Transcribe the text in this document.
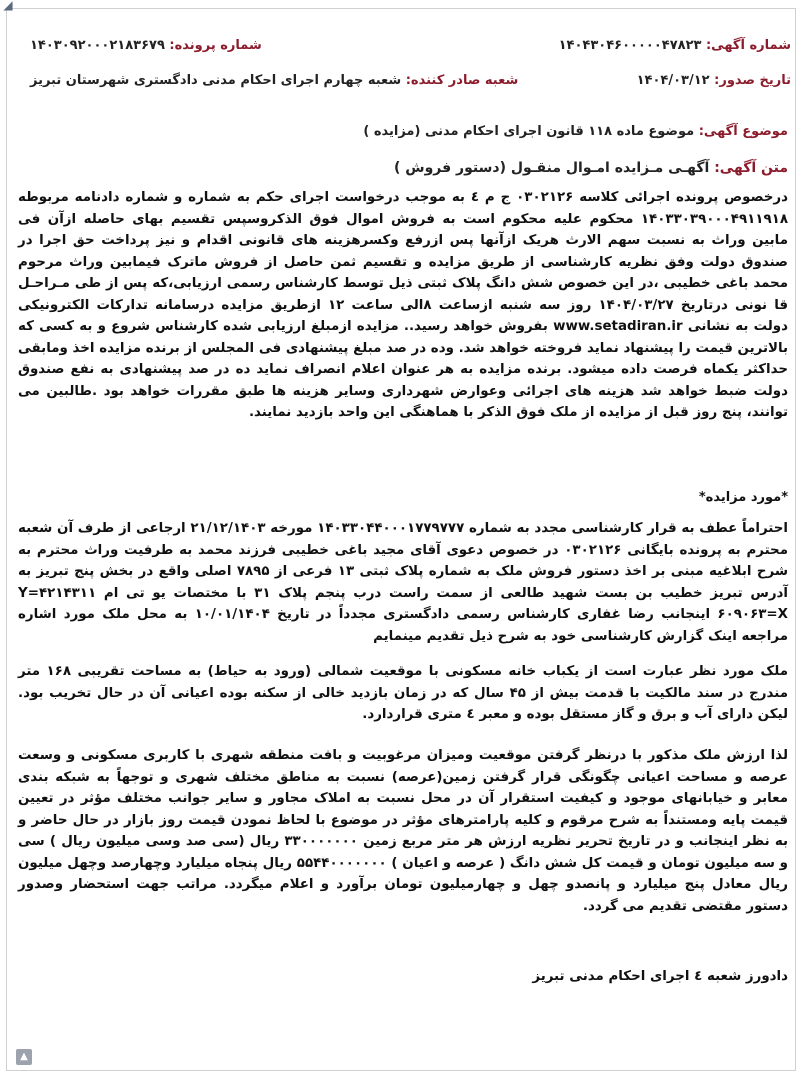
◢
شماره آگهی: ۱۴۰۴۳۰۴۶۰۰۰۰۰۴۷۸۲۳
شماره پرونده: ۱۴۰۳۰۹۲۰۰۰۲۱۸۳۶۷۹
تاریخ صدور: ۱۴۰۴/۰۳/۱۲
شعبه صادر کننده: شعبه چهارم اجرای احکام مدنی دادگستری شهرستان تبریز
موضوع آگهی: موضوع ماده ۱۱۸ قانون اجرای احکام مدنی (مزایده )
متن آگهی: آگهـی مـزایده امـوال منقـول (دستور فروش )
درخصوص پرونده اجرائی کلاسه ۰۳۰۲۱۲۶ ج م ٤ به موجب درخواست اجرای حکم به شماره و شماره دادنامه مربوطه ۱۴۰۳۳۰۳۹۰۰۰۴۹۱۱۹۱۸ محکوم علیه محکوم است به فروش اموال فوق الذکروسپس تقسیم بهای حاصله ازآن فی مابین وراث به نسبت سهم الارث هریک ازآنها پس ازرفع وکسرهزینه های قانونی اقدام و نیز پرداخت حق اجرا در صندوق دولت وفق نظریه کارشناسی از طریق مزایده و تقسیم ثمن حاصل از فروش ماترک فیمابین وراث مرحوم محمد باغی خطیبی ،در این خصوص شش دانگ پلاک ثبتی ذیل توسط کارشناس رسمی ارزیابی،که پس از طی مـراحـل قا نونی درتاریخ ۱۴۰۴/۰۳/۲۷ روز سه شنبه ازساعت ۸الی ساعت ۱۲ ازطریق مزایده درسامانه تدارکات الکترونیکی دولت به نشانی www.setadiran.ir بفروش خواهد رسید.. مزایده ازمبلغ ارزیابی شده کارشناس شروع و به کسی که بالاترین قیمت را پیشنهاد نماید فروخته خواهد شد. وده در صد مبلغ پیشنهادی فی المجلس از برنده مزایده اخذ ومابقی حداکثر یکماه فرصت داده میشود. برنده مزایده به هر عنوان اعلام انصراف نماید ده در صد پیشنهادی به نفع صندوق دولت ضبط خواهد شد هزینه های اجرائی وعوارض شهرداری وسایر هزینه ها طبق مقررات خواهد بود .طالبین می توانند، پنج روز قبل از مزایده از ملک فوق الذکر با هماهنگی این واحد بازدید نمایند.
*مورد مزایده*
احتراماً عطف به قرار کارشناسی مجدد به شماره ۱۴۰۳۳۰۴۴۰۰۰۱۷۷۹۷۷۷ مورخه ۲۱/۱۲/۱۴۰۳ ارجاعی از طرف آن شعبه محترم به پرونده بایگانی ۰۳۰۲۱۲۶ در خصوص دعوی آقای مجید باغی خطیبی فرزند محمد به طرفیت وراث محترم به شرح ابلاغیه مبنی بر اخذ دستور فروش ملک به شماره پلاک ثبتی ۱۳ فرعی از ۷۸۹۵ اصلی واقع در بخش پنج تبریز به آدرس تبریز خطیب بن بست شهید طالعی از سمت راست درب پنجم پلاک ۳۱ با مختصات یو تی ام ۴۲۱۴۳۱۱=Y ۶۰۹۰۶۳=X اینجانب رضا غفاری کارشناس رسمی دادگستری مجدداً در تاریخ ۱۰/۰۱/۱۴۰۴ به محل ملک مورد اشاره مراجعه اینک گزارش کارشناسی خود به شرح ذیل تقدیم مینمایم
ملک مورد نظر عبارت است از یکباب خانه مسکونی با موقعیت شمالی (ورود به حیاط) به مساحت تقریبی ۱۶۸ متر مندرج در سند مالکیت با قدمت بیش از ۴۵ سال که در زمان بازدید خالی از سکنه بوده اعیانی آن در حال تخریب بود. لیکن دارای آب و برق و گاز مستقل بوده و معبر ٤ متری قراردارد.
لذا ارزش ملک مذکور با درنظر گرفتن موقعیت ومیزان مرغوبیت و بافت منطقه شهری با کاربری مسکونی و وسعت عرصه و مساحت اعیانی چگونگی قرار گرفتن زمین(عرصه) نسبت به مناطق مختلف شهری و توجهاً به شبکه بندی معابر و خیابانهای موجود و کیفیت استقرار آن در محل نسبت به املاک مجاور و سایر جوانب مختلف مؤثر در تعیین قیمت پایه ومستنداً به شرح مرقوم و کلیه پارامترهای مؤثر در موضوع با لحاظ نمودن قیمت روز بازار در حال حاضر و به نظر اینجانب و در تاریخ تحریر نظریه ارزش هر متر مربع زمین ۳۳۰۰۰۰۰۰۰ ریال (سی صد وسی میلیون ریال ) سی و سه میلیون تومان و قیمت کل شش دانگ ( عرصه و اعیان ) ۵۵۴۴۰۰۰۰۰۰۰ ریال پنجاه میلیارد وچهارصد وچهل میلیون ریال معادل پنج میلیارد و پانصدو چهل و چهارمیلیون تومان برآورد و اعلام میگردد. مراتب جهت استحضار وصدور دستور مقتضی تقدیم می گردد.
دادورز شعبه ٤ اجرای احکام مدنی تبریز
▲
